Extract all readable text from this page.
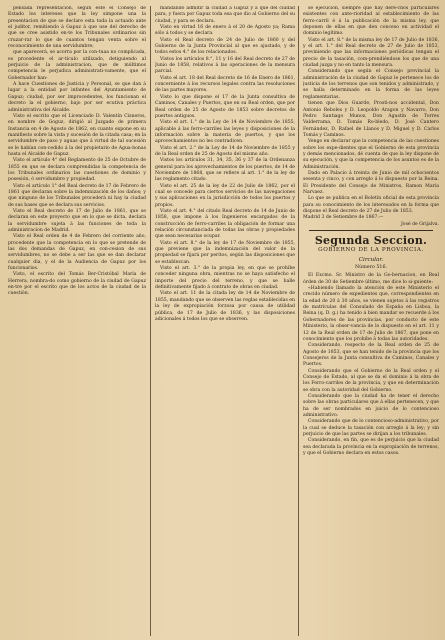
pensada representacion, segun este el Consejo de Estado los intereses que la ley simpone una la presentacion de que se declare esta toda la actuado ante el juditor, remitiendo á Gapuz á que use del derecho de que se cree asistido en-te los Tribunales ordinarios sin cruzar-rar lo que de cuantos tengan venta sobre el reconocimiento de una servidumbre;

que aparecerá, se acorra por la con-tuaa no complicada, es procedente el ar-tículo utilizado, detiguiendo al perjuicio de la administracion, que de múltimos competencia le perjudica administrati-vamente, que el Gobernador han-

A hace Cuestiones de Justicia y Personal, se que dan á lugar a la entidad por infantes del Ayuntamiento de Gapuz; ciudad, por ser improcedentes, los funcionan el decreto la el gobierno, bajo por ser ecutiva práctica administrativa del Alcalde.

Visto el escrito que el Licenciado D. Valentín Cisneros, en nombre de Goguz, dirigió al Juzgado de primera Instancia en 4 de Agosto de 1862, en cuanto expone en su manifiesto sobre la vista y sucesión de la citada casa; en la servidumbre de paso y aguas que á virtud de tal sucesión se le habían con-cedido á la del propietario de Agua-bonas hasta el Alcalde de Gapuz.

Visto el artículo 4° del Reglamento de 25 de Octubre de 1855 en que se declara comprendidas la competencia de los Tribunales ordinarios las cuestiones de dominio y posesión, ó servidumbre y propiedad.

Visto el artículo 1° del Real decreto de 17 de Febrero de 1861 que declaran sobre la indemnización de los daños; y que ninguno de los Tribunales procederá ni hay la ciudad de sus bases que se declara sus servicios.

Visto el Real decreto de 17 de Julio de 1861, que se declaran en este proyecto que en lo que se dicta, declara la servidumbre sujeta á las funciones de toda la administracion de Madrid.

Visto el Real orden de 4 de Febrero del corriente año, procedente que la competencia en lo que se pretende de las dos demandas de Gapuz, en con-cesion de sus servidumbres, no se debe a ser las que se dan declarar cualquier dia, y el de la Audiencia de Gapuz por los funcionarios.

Visto, el escrito del Tomás Ber-Cristóbal María de Herrera, nombra-do como gobierno de la ciudad de Gapuz en-tre por el escrito que de los actos de la ciudad de la cuestión.

mandando admitir la ciudad á Gapuz y á que del ciudad para, y fuera por Gapuz toda esa que dio al Gobierno del su ciudad, y para se declara.

Visto en virtud 16 de enero á el 20 de Agosto ya; Rama sólo á todos y se declara.

Visto el Real decreto de 24 de Julio de 1860 y del Gobierno de la Junta Provincial al que es ajustado, y de todos estos 4.° de los relacionados.

Vistos los artículos 8.°, 11 y 16 del Real decreto de 27 de Junio de 1858, relativos á las operaciones de la mensura parcial.

Visto el art. 18 del Real decreto de 16 de Enero de 1861, concerniente á los recursos legales contra las resoluciones de las partes mayores.

Visto lo que dispone el 17 de la Junta consultiva de Caminos, Canales y Puertos, que en su Real orden, que por Real orden de 25 de Agosto de 1853 sobre decretos de puertos antiguos.

Visto el art. 1.° de la Ley de 14 de Noviembre de 1855, aplicable á las ferro-carriles las leyes y disposiciones de la información sobre la materia de puertos, y que los aprovechamientos no les contradicen.

Visto el art. 2.° de la Ley de 14 de Noviembre de 1855 y de la Real orden de 25 de Agosto del mismo año.

Vistos los artículos 31, 34, 35, 36 y 37 de la Ordenanza general para los aprovechamientos de los puertos, de 14 de Noviembre de 1868, que se refiere al art. 1.° de la ley de las reglamento citado.

Visto el art. 25 de la ley de 22 de Julio de 1862, por el cual se concede para ciertos servicios de las navegaciones y sus aplicaciones en la jurisdicción de todos los puertos y propios.

Visto el art. 4.° del citado Real decreto de 14 de Junio de 1858, que impone á los Ingenieros encargados de la construcción de ferro-carriles la obligación de formar una relación circunstanciada de todas las obras y propiedades que sean necesarias ocupar.

Visto el art. 8.° de la ley de 17 de Noviembre de 1855, que previene que la indemnización del valor de la propiedad se fijará por peritos, según las disposiciones que se establezcan.

Visto el art. 3.° de la propia ley, en que se prohíbe conceder ninguna obra, mientras no se haya satisfecho el importe del precio del terreno, y que se halle definitivamente fijado á contrato de obras en ciudad.

Visto el art. 11 de la citada ley de 14 de Noviembre de 1855, mandando que se observen las reglas establecidas en la ley de expropiación forzosa por causa de utilidad pública, de 17 de Julio de 1836, y las disposiciones adicionales á todos los que se observen.

se ejecución, siempre que hay dere-chos particulares existentes con ante-rioridad al establecimiento de las ferro-carril é á la publicación de la misma ley, que deponen de ellas en que den conceso en actividad el dominio legítimo.

Visto el art. 8.° de la misma ley de 17 de Julio de 1836, y el art. 1.° del Real decreto de 27 de Julio de 1853, previniendo que las informaciones periódicas tengan el precio de la tasación, com-prendiéndose los que de una ciudad juzga y no en tanto la mensura.

Considerando que según el Consejo provincial la administración de la ciudad de Gapuz le pertenece los de justicia de los terrenos que son tenidos y administrado, y se halla determinado en la forma de las leyes reglamentarias.

tienen que Dios Guarde, Prosti-nos accidental, Don Antonio Reboles y D. Leopoldo Aragon y Navarro, Don Pedro Santiago Munoz, Don Agustín de Torres Valderrama, D. Tomás Ro-bledo, D. José Cantero Fernández, D. Rafael de Llanos y D. Miguel y D. Carlos Tomás y Caminos.

Vengo en declarar que la competencia de las cuestiones sobre los expe-dientes que el Gobierno de esta provincia y demás mencionados, dé cuenta de que la ley dispone de su ejecución, y que la competencia de los asuntos es de la Administración.

Dado en Palacio á treinta de Junio de mil ochocientos sesenta y cinco, y con arreglo á lo dispuesto por la Reina. El Presidente del Consejo de Ministros, Ramon María Narvaez.

Lo que se publica en el Boletín oficial de esta provincia para su conocimiento de los interesados en la forma que dispone el Real decreto de 27 de Julio de 1853.

Madrid 3 de Setiembre de 1867.—

José de Grijalva.

Segunda Seccion.
GOBIERNO DE LA PROVINCIA.
Circular.
Número 516.

El Excmo. Sr. Ministro de la Go-bernacion, en Real órden de 30 de Setiembre último, me dice lo si-guiente:

«Habiendo llamado la atención de este Ministerio el crecido número de expedientes que, correspondientes en la edad de 20 á 30 años, se vienen sujetos á las registros de matrículas del Consulado de España en Lisboa, la Reina (q. D. g.) ha tenido á bien mandar se recuerde á los Gobernadores de las provincias, por conducto de este Ministerio, la obser-vancia de lo dispuesto en el art. 11 y 12 de la Real orden de 17 de Julio de 1867, que pone en conocimiento que los prohibe á todas las autoridades.

Considerando, respecto de la Real orden de 25 de Agosto de 1853, que se han tenido de la provincia que los Consejeros de la Junta consultiva de Caminos, Canales y Puertos.

Considerando que el Gobierno de la Real orden y el Consejo de Estado, al que se da el dominio á la obra de los Ferro-carriles de la provincia, y que en determinación se obra con la autoridad del Gobierno.

Considerando que la ciudad ha de tener el derecho sobre las obras particulares que á ellas pertenecen, y que ha de ser nombrados en juicio de lo contencioso administrativo.

Considerando que de lo contencioso-administrativo, por la cual se deduce la tasación con arreglo á la ley; y sin perjuicio de que las partes se dirijan a los tribunales.

Considerando, en fin, que es de perjuicio que la ciudad sea declarada la provincia en la expropiación de terrenos, y que el Gobierno declara en estos casos.
